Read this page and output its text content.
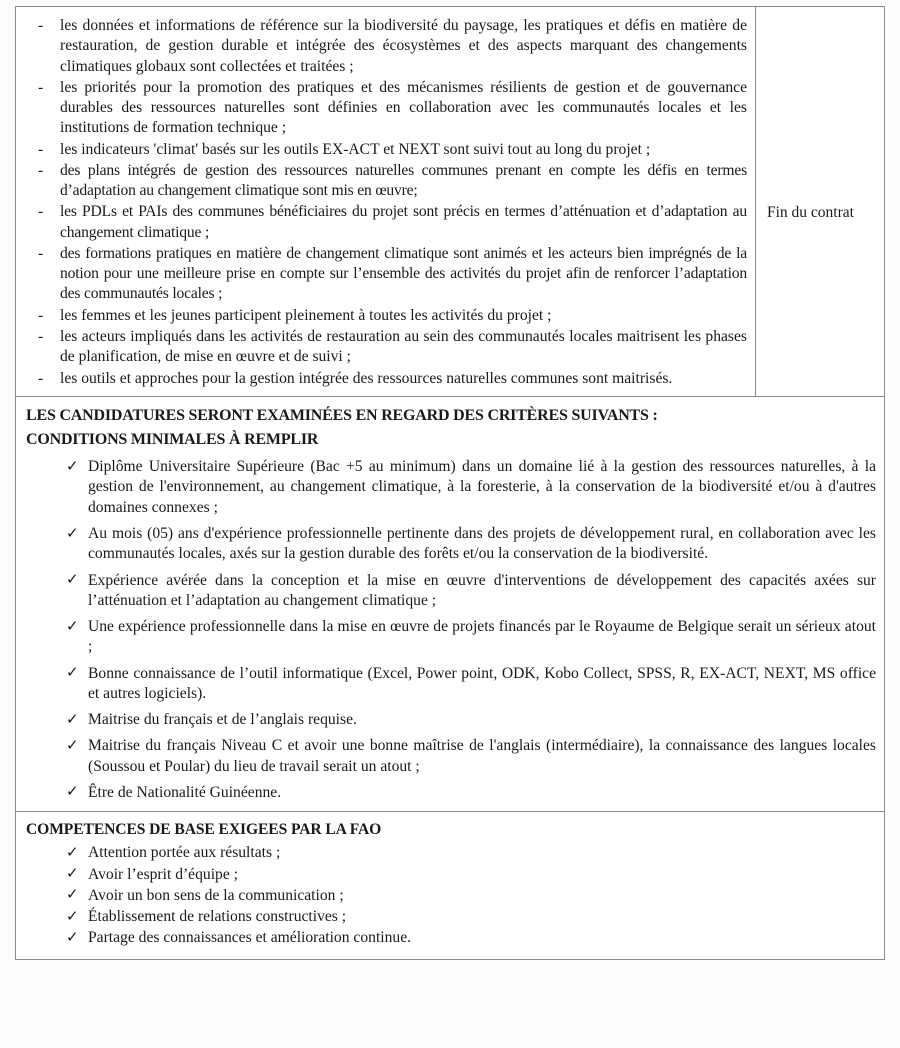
- les données et informations de référence sur la biodiversité du paysage, les pratiques et défis en matière de restauration, de gestion durable et intégrée des écosystèmes et des aspects marquant des changements climatiques globaux sont collectées et traitées ;
- les priorités pour la promotion des pratiques et des mécanismes résilients de gestion et de gouvernance durables des ressources naturelles sont définies en collaboration avec les communautés locales et les institutions de formation technique ;
- les indicateurs 'climat' basés sur les outils EX-ACT et NEXT sont suivi tout au long du projet ;
- des plans intégrés de gestion des ressources naturelles communes prenant en compte les défis en termes d’adaptation au changement climatique sont mis en œuvre;
- les PDLs et PAIs des communes bénéficiaires du projet sont précis en termes d’atténuation et d’adaptation au changement climatique ;
- des formations pratiques en matière de changement climatique sont animés et les acteurs bien imprégnés de la notion pour une meilleure prise en compte sur l’ensemble des activités du projet afin de renforcer l’adaptation des communautés locales ;
- les femmes et les jeunes participent pleinement à toutes les activités du projet ;
- les acteurs impliqués dans les activités de restauration au sein des communautés locales maitrisent les phases de planification, de mise en œuvre et de suivi ;
- les outils et approches pour la gestion intégrée des ressources naturelles communes sont maitrisés.
Fin du contrat
LES CANDIDATURES SERONT EXAMINÉES EN REGARD DES CRITÈRES SUIVANTS :
CONDITIONS MINIMALES À REMPLIR
✓ Diplôme Universitaire Supérieure (Bac +5 au minimum) dans un domaine lié à la gestion des ressources naturelles, à la gestion de l'environnement, au changement climatique, à la foresterie, à la conservation de la biodiversité et/ou à d'autres domaines connexes ;
✓ Au mois (05) ans d'expérience professionnelle pertinente dans des projets de développement rural, en collaboration avec les communautés locales, axés sur la gestion durable des forêts et/ou la conservation de la biodiversité.
✓ Expérience avérée dans la conception et la mise en œuvre d'interventions de développement des capacités axées sur l’atténuation et l’adaptation au changement climatique ;
✓ Une expérience professionnelle dans la mise en œuvre de projets financés par le Royaume de Belgique serait un sérieux atout ;
✓ Bonne connaissance de l’outil informatique (Excel, Power point, ODK, Kobo Collect, SPSS, R, EX-ACT, NEXT, MS office et autres logiciels).
✓ Maitrise du français et de l’anglais requise.
✓ Maitrise du français Niveau C et avoir une bonne maîtrise de l'anglais (intermédiaire), la connaissance des langues locales (Soussou et Poular) du lieu de travail serait un atout ;
✓ Être de Nationalité Guinéenne.
COMPETENCES DE BASE EXIGEES PAR LA FAO
✓ Attention portée aux résultats ;
✓ Avoir l’esprit d’équipe ;
✓ Avoir un bon sens de la communication ;
✓ Établissement de relations constructives ;
✓ Partage des connaissances et amélioration continue.
